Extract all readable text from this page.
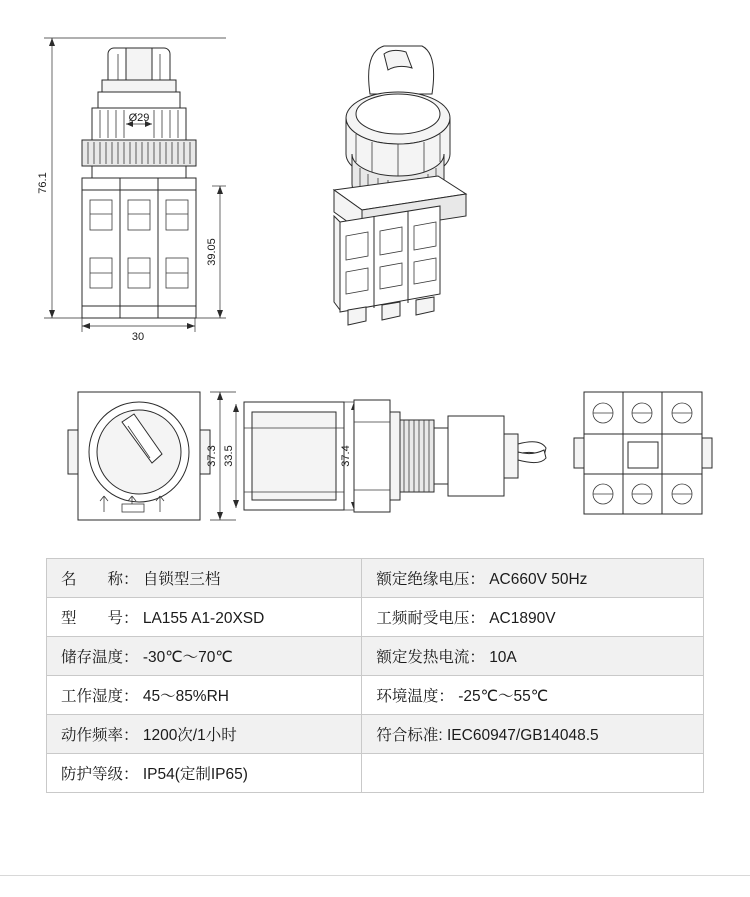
76.1
39.05
30
Ø29
37.3 33.5	37.4
名　　称： 自锁型三档	额定绝缘电压： AC660V 50Hz
型　　号： LA155 A1-20XSD	工频耐受电压： AC1890V
储存温度： -30℃～70℃	额定发热电流： 10A
工作湿度： 45～85%RH	环境温度： -25℃～55℃
动作频率： 1200次/1小时	符合标准: IEC60947/GB14048.5
防护等级： IP54(定制IP65)	
